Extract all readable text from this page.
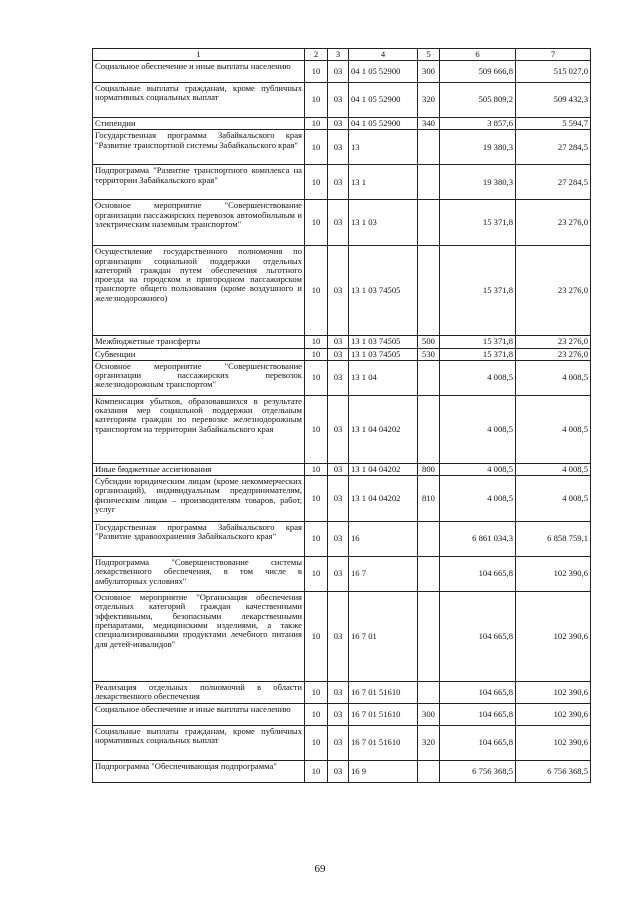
1	2	3	4	5	6	7
Социальное обеспечение и иные выплаты населению	10	03	04 1 05 52900	300	509 666,8	515 027,0
Социальные выплаты гражданам, кроме публичных нормативных социальных выплат	10	03	04 1 05 52900	320	505 809,2	509 432,3
Стипендии	10	03	04 1 05 52900	340	3 857,6	5 594,7
Государственная программа Забайкальского края "Развитие транспортной системы Забайкальского края"	10	03	13		19 380,3	27 284,5
Подпрограмма "Развитие транспортного комплекса на территории Забайкальского края"	10	03	13 1		19 380,3	27 284,5
Основное мероприятие "Совершенствование организации пассажирских перевозок автомобильным и электрическим наземным транспортом"	10	03	13 1 03		15 371,8	23 276,0
Осуществление государственного полномочия по организации социальной поддержки отдельных категорий граждан путем обеспечения льготного проезда на городском и пригородном пассажирском транспорте общего пользования (кроме воздушного и железнодорожного)	10	03	13 1 03 74505		15 371,8	23 276,0
Межбюджетные трансферты	10	03	13 1 03 74505	500	15 371,8	23 276,0
Субвенции	10	03	13 1 03 74505	530	15 371,8	23 276,0
Основное мероприятие "Совершенствование организации пассажирских перевозок железнодорожным транспортом"	10	03	13 1 04		4 008,5	4 008,5
Компенсация убытков, образовавшихся в результате оказания мер социальной поддержки отдельным категориям граждан по перевозке железнодорожным транспортом на территории Забайкальского края	10	03	13 1 04 04202		4 008,5	4 008,5
Иные бюджетные ассигнования	10	03	13 1 04 04202	800	4 008,5	4 008,5
Субсидии юридическим лицам (кроме некоммерческих организаций), индивидуальным предпринимателям, физическим лицам – производителям товаров, работ, услуг	10	03	13 1 04 04202	810	4 008,5	4 008,5
Государственная программа Забайкальского края "Развитие здравоохранения Забайкальского края"	10	03	16		6 861 034,3	6 858 759,1
Подпрограмма "Совершенствование системы лекарственного обеспечения, в том числе в амбулаторных условиях"	10	03	16 7		104 665,8	102 390,6
Основное мероприятие "Организация обеспечения отдельных категорий граждан качественными эффективными, безопасными лекарственными препаратами, медицинскими изделиями, а также специализированными продуктами лечебного питания для детей-инвалидов"	10	03	16 7 01		104 665,8	102 390,6
Реализация отдельных полномочий в области лекарственного обеспечения	10	03	16 7 01 51610		104 665,8	102 390,6
Социальное обеспечение и иные выплаты населению	10	03	16 7 01 51610	300	104 665,8	102 390,6
Социальные выплаты гражданам, кроме публичных нормативных социальных выплат	10	03	16 7 01 51610	320	104 665,8	102 390,6
Подпрограмма "Обеспечивающая подпрограмма"	10	03	16 9		6 756 368,5	6 756 368,5
69
